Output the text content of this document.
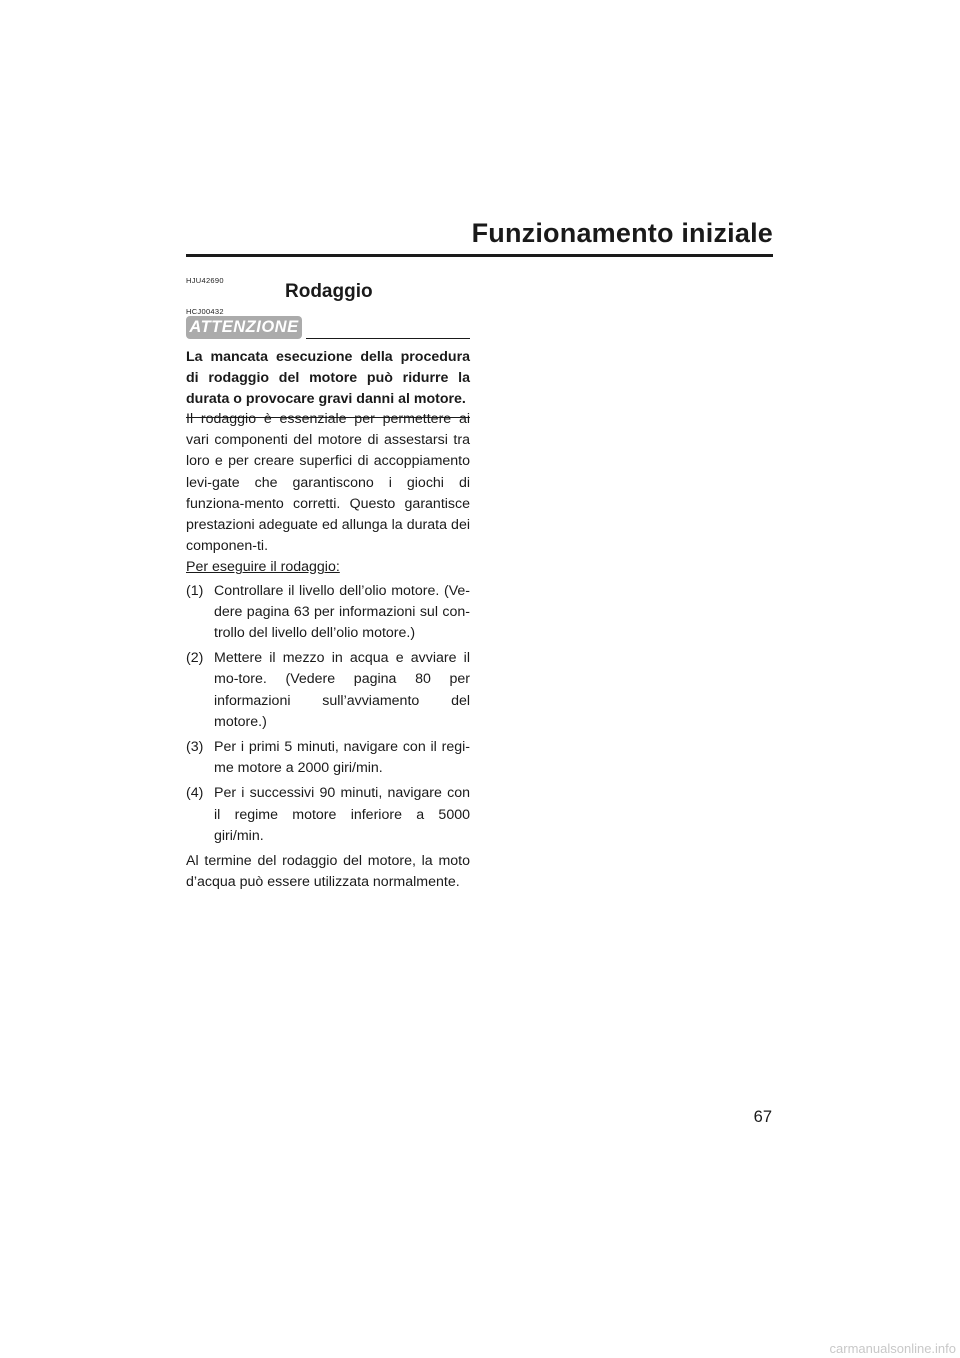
Funzionamento iniziale
HJU42690
Rodaggio
HCJ00432
ATTENZIONE

La mancata esecuzione della procedura di rodaggio del motore può ridurre la durata o provocare gravi danni al motore.

Il rodaggio è essenziale per permettere ai vari componenti del motore di assestarsi tra loro e per creare superfici di accoppiamento levi-gate che garantiscono i giochi di funziona-mento corretti. Questo garantisce prestazioni adeguate ed allunga la durata dei componen-ti.

Per eseguire il rodaggio:

(1) Controllare il livello dell’olio motore. (Ve-dere pagina 63 per informazioni sul con-trollo del livello dell’olio motore.)
(2) Mettere il mezzo in acqua e avviare il mo-tore. (Vedere pagina 80 per informazioni sull’avviamento del motore.)
(3) Per i primi 5 minuti, navigare con il regi-me motore a 2000 giri/min.
(4) Per i successivi 90 minuti, navigare con il regime motore inferiore a 5000 giri/min.

Al termine del rodaggio del motore, la moto d’acqua può essere utilizzata normalmente.

67
carmanualsonline.info
